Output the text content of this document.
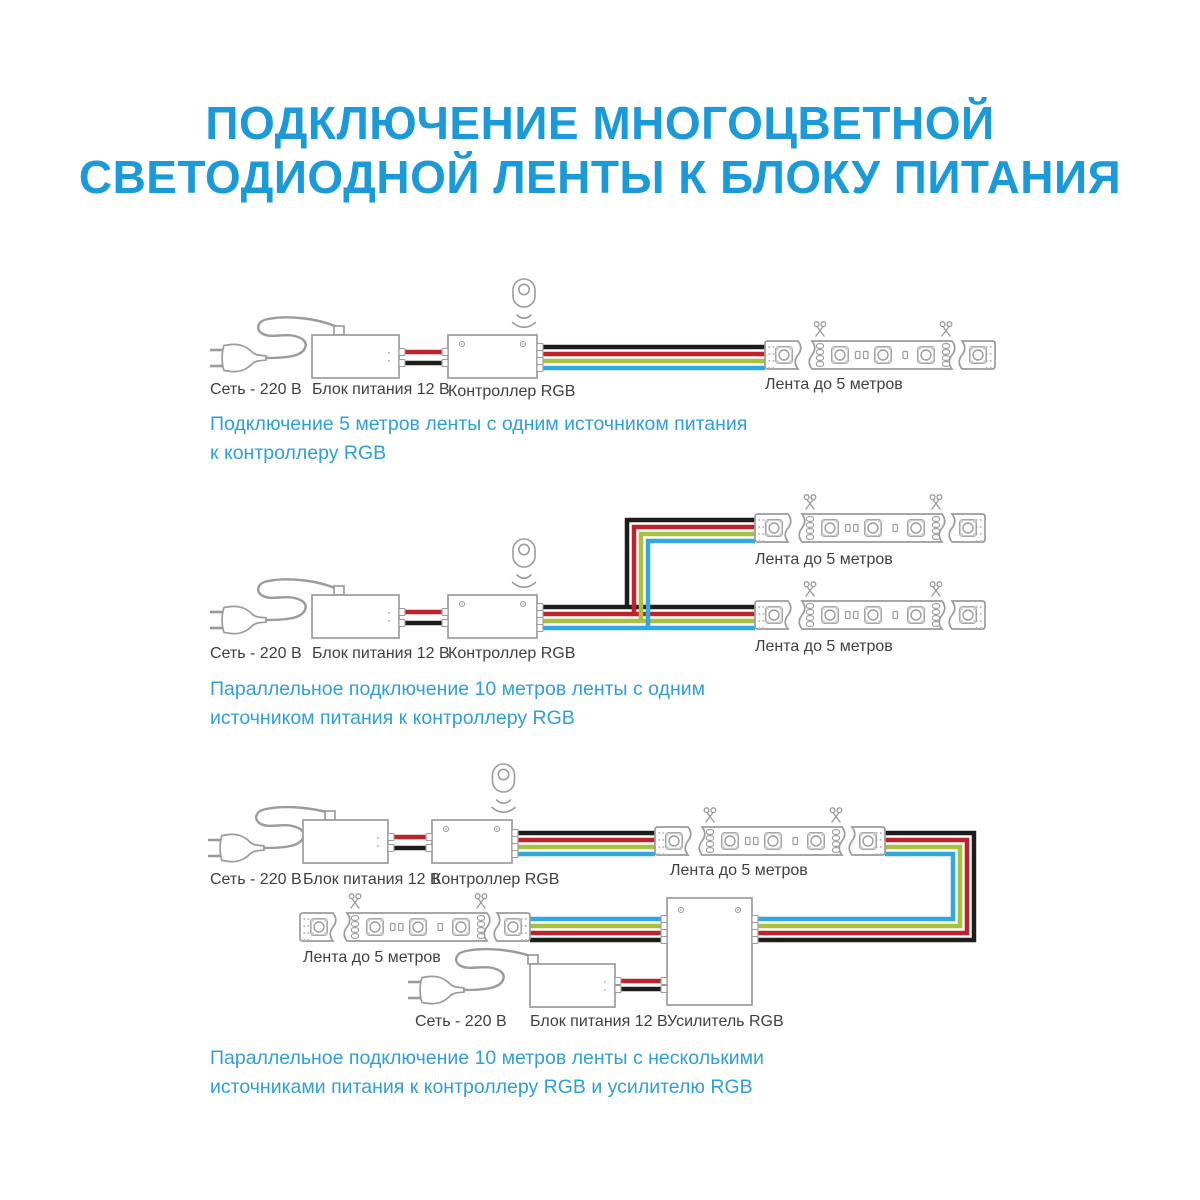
ПОДКЛЮЧЕНИЕ МНОГОЦВЕТНОЙ
СВЕТОДИОДНОЙ ЛЕНТЫ К БЛОКУ ПИТАНИЯ
Сеть - 220 В Блок питания 12 В
Контроллер RGB	Лента до 5 метров
Подключение 5 метров ленты с одним источником питания
к контроллеру RGB
Лента до 5 метров
Лента до 5 метров
Сеть - 220 В Блок питания 12 В
Контроллер RGB
Параллельное подключение 10 метров ленты с одним
источником питания к контроллеру RGB
Сеть - 220 В Блок питания 12 В
Контроллер RGB
Лента до 5 метров
Лента до 5 метров
Сеть - 220 В Блок питания 12 В Усилитель RGB
Параллельное подключение 10 метров ленты с несколькими
источниками питания к контроллеру RGB и усилителю RGB
